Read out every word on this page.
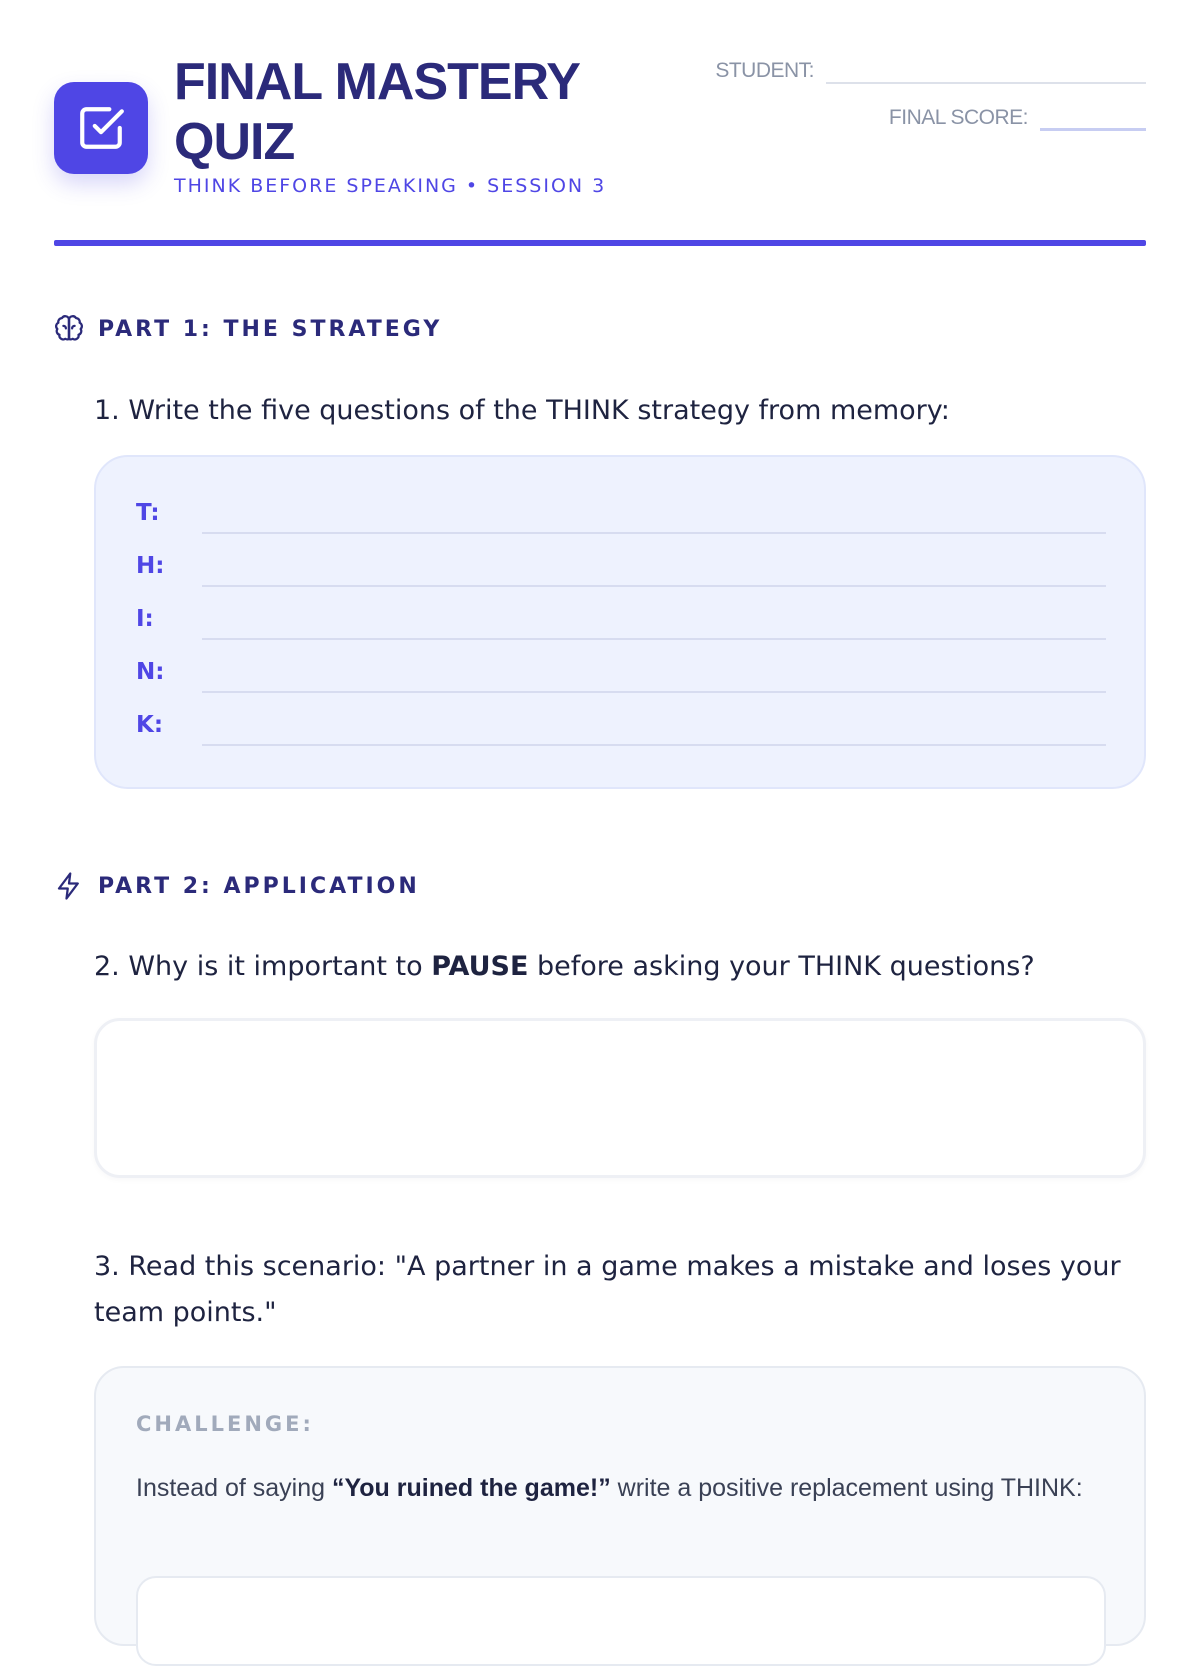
FINAL MASTERY QUIZ
THINK BEFORE SPEAKING • SESSION 3
STUDENT:
FINAL SCORE:
PART 1: THE STRATEGY

1. Write the five questions of the THINK strategy from memory:

T:
H:
I:
N:
K:
PART 2: APPLICATION

2. Why is it important to PAUSE before asking your THINK questions?

3. Read this scenario: "A partner in a game makes a mistake and loses your team points."

CHALLENGE:

Instead of saying “You ruined the game!” write a positive replacement using THINK:
